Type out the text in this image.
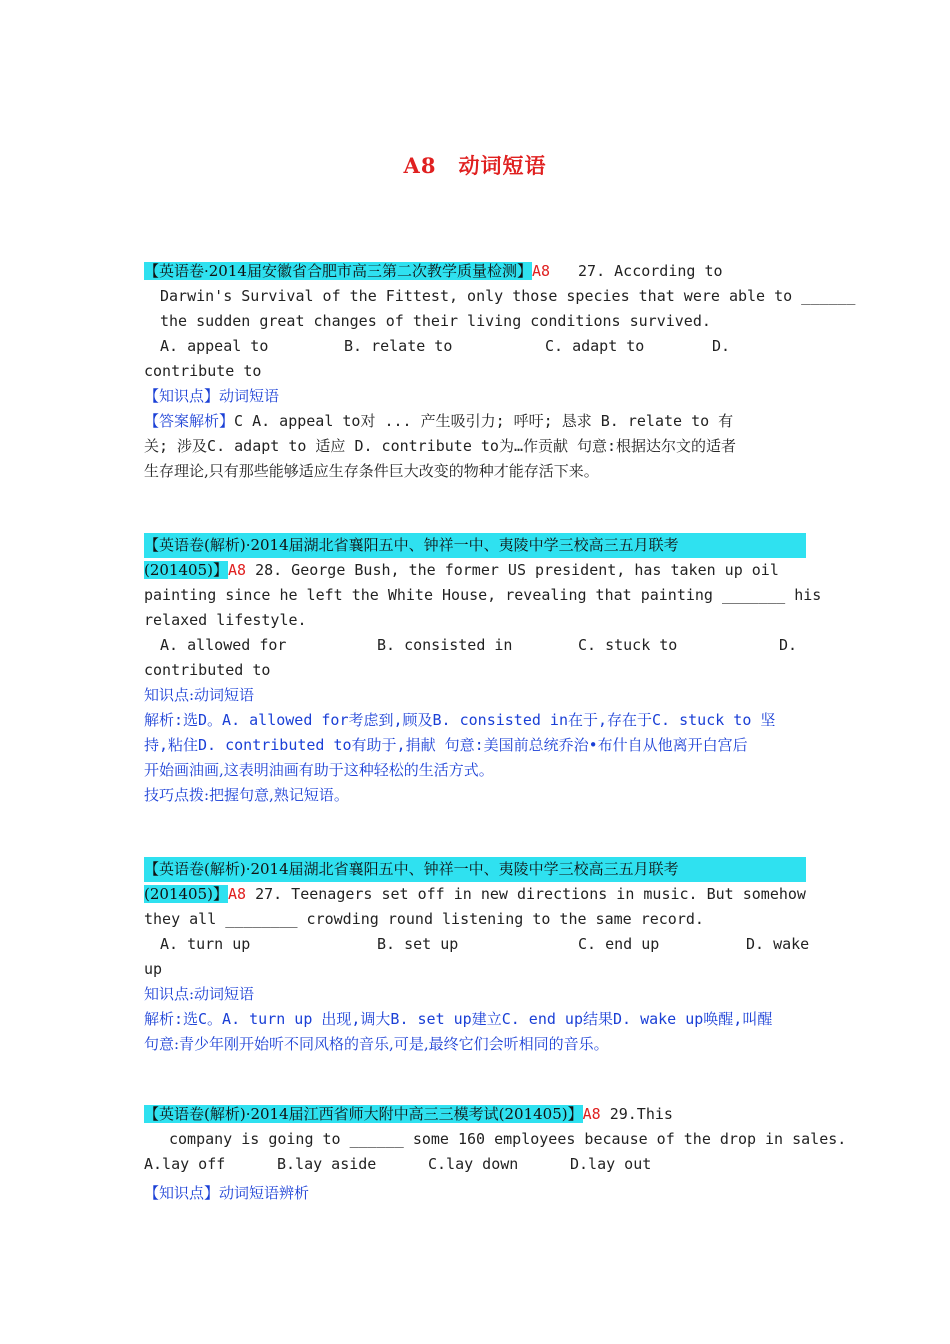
A8 动词短语
【英语卷·2014届安徽省合肥市高三第二次教学质量检测】A8 27. According to
Darwin's Survival of the Fittest, only those species that were able to ______
the sudden great changes of their living conditions survived.
A. appeal to	B. relate to	C. adapt to	D.
contribute to
【知识点】动词短语
【答案解析】C A. appeal to对 ... 产生吸引力; 呼吁; 恳求 B. relate to 有
关; 涉及C. adapt to 适应 D. contribute to为…作贡献 句意:根据达尔文的适者
生存理论,只有那些能够适应生存条件巨大改变的物种才能存活下来。
【英语卷(解析)·2014届湖北省襄阳五中、钟祥一中、夷陵中学三校高三五月联考
(201405)】A8 28. George Bush, the former US president, has taken up oil
painting since he left the White House, revealing that painting _______ his
relaxed lifestyle.
A. allowed for	B. consisted in	C. stuck to	D.
contributed to
知识点:动词短语
解析:选D。A. allowed for考虑到,顾及B. consisted in在于,存在于C. stuck to 坚
持,粘住D. contributed to有助于,捐献 句意:美国前总统乔治•布什自从他离开白宫后
开始画油画,这表明油画有助于这种轻松的生活方式。
技巧点拨:把握句意,熟记短语。
【英语卷(解析)·2014届湖北省襄阳五中、钟祥一中、夷陵中学三校高三五月联考
(201405)】A8 27. Teenagers set off in new directions in music. But somehow
they all ________ crowding round listening to the same record.
A. turn up	B. set up	C. end up	D. wake
up
知识点:动词短语
解析:选C。A. turn up 出现,调大B. set up建立C. end up结果D. wake up唤醒,叫醒
句意:青少年刚开始听不同风格的音乐,可是,最终它们会听相同的音乐。
【英语卷(解析)·2014届江西省师大附中高三三模考试(201405)】A8 29.This
company is going to ______ some 160 employees because of the drop in sales.
A.lay off	B.lay aside	C.lay down	D.lay out
【知识点】动词短语辨析
